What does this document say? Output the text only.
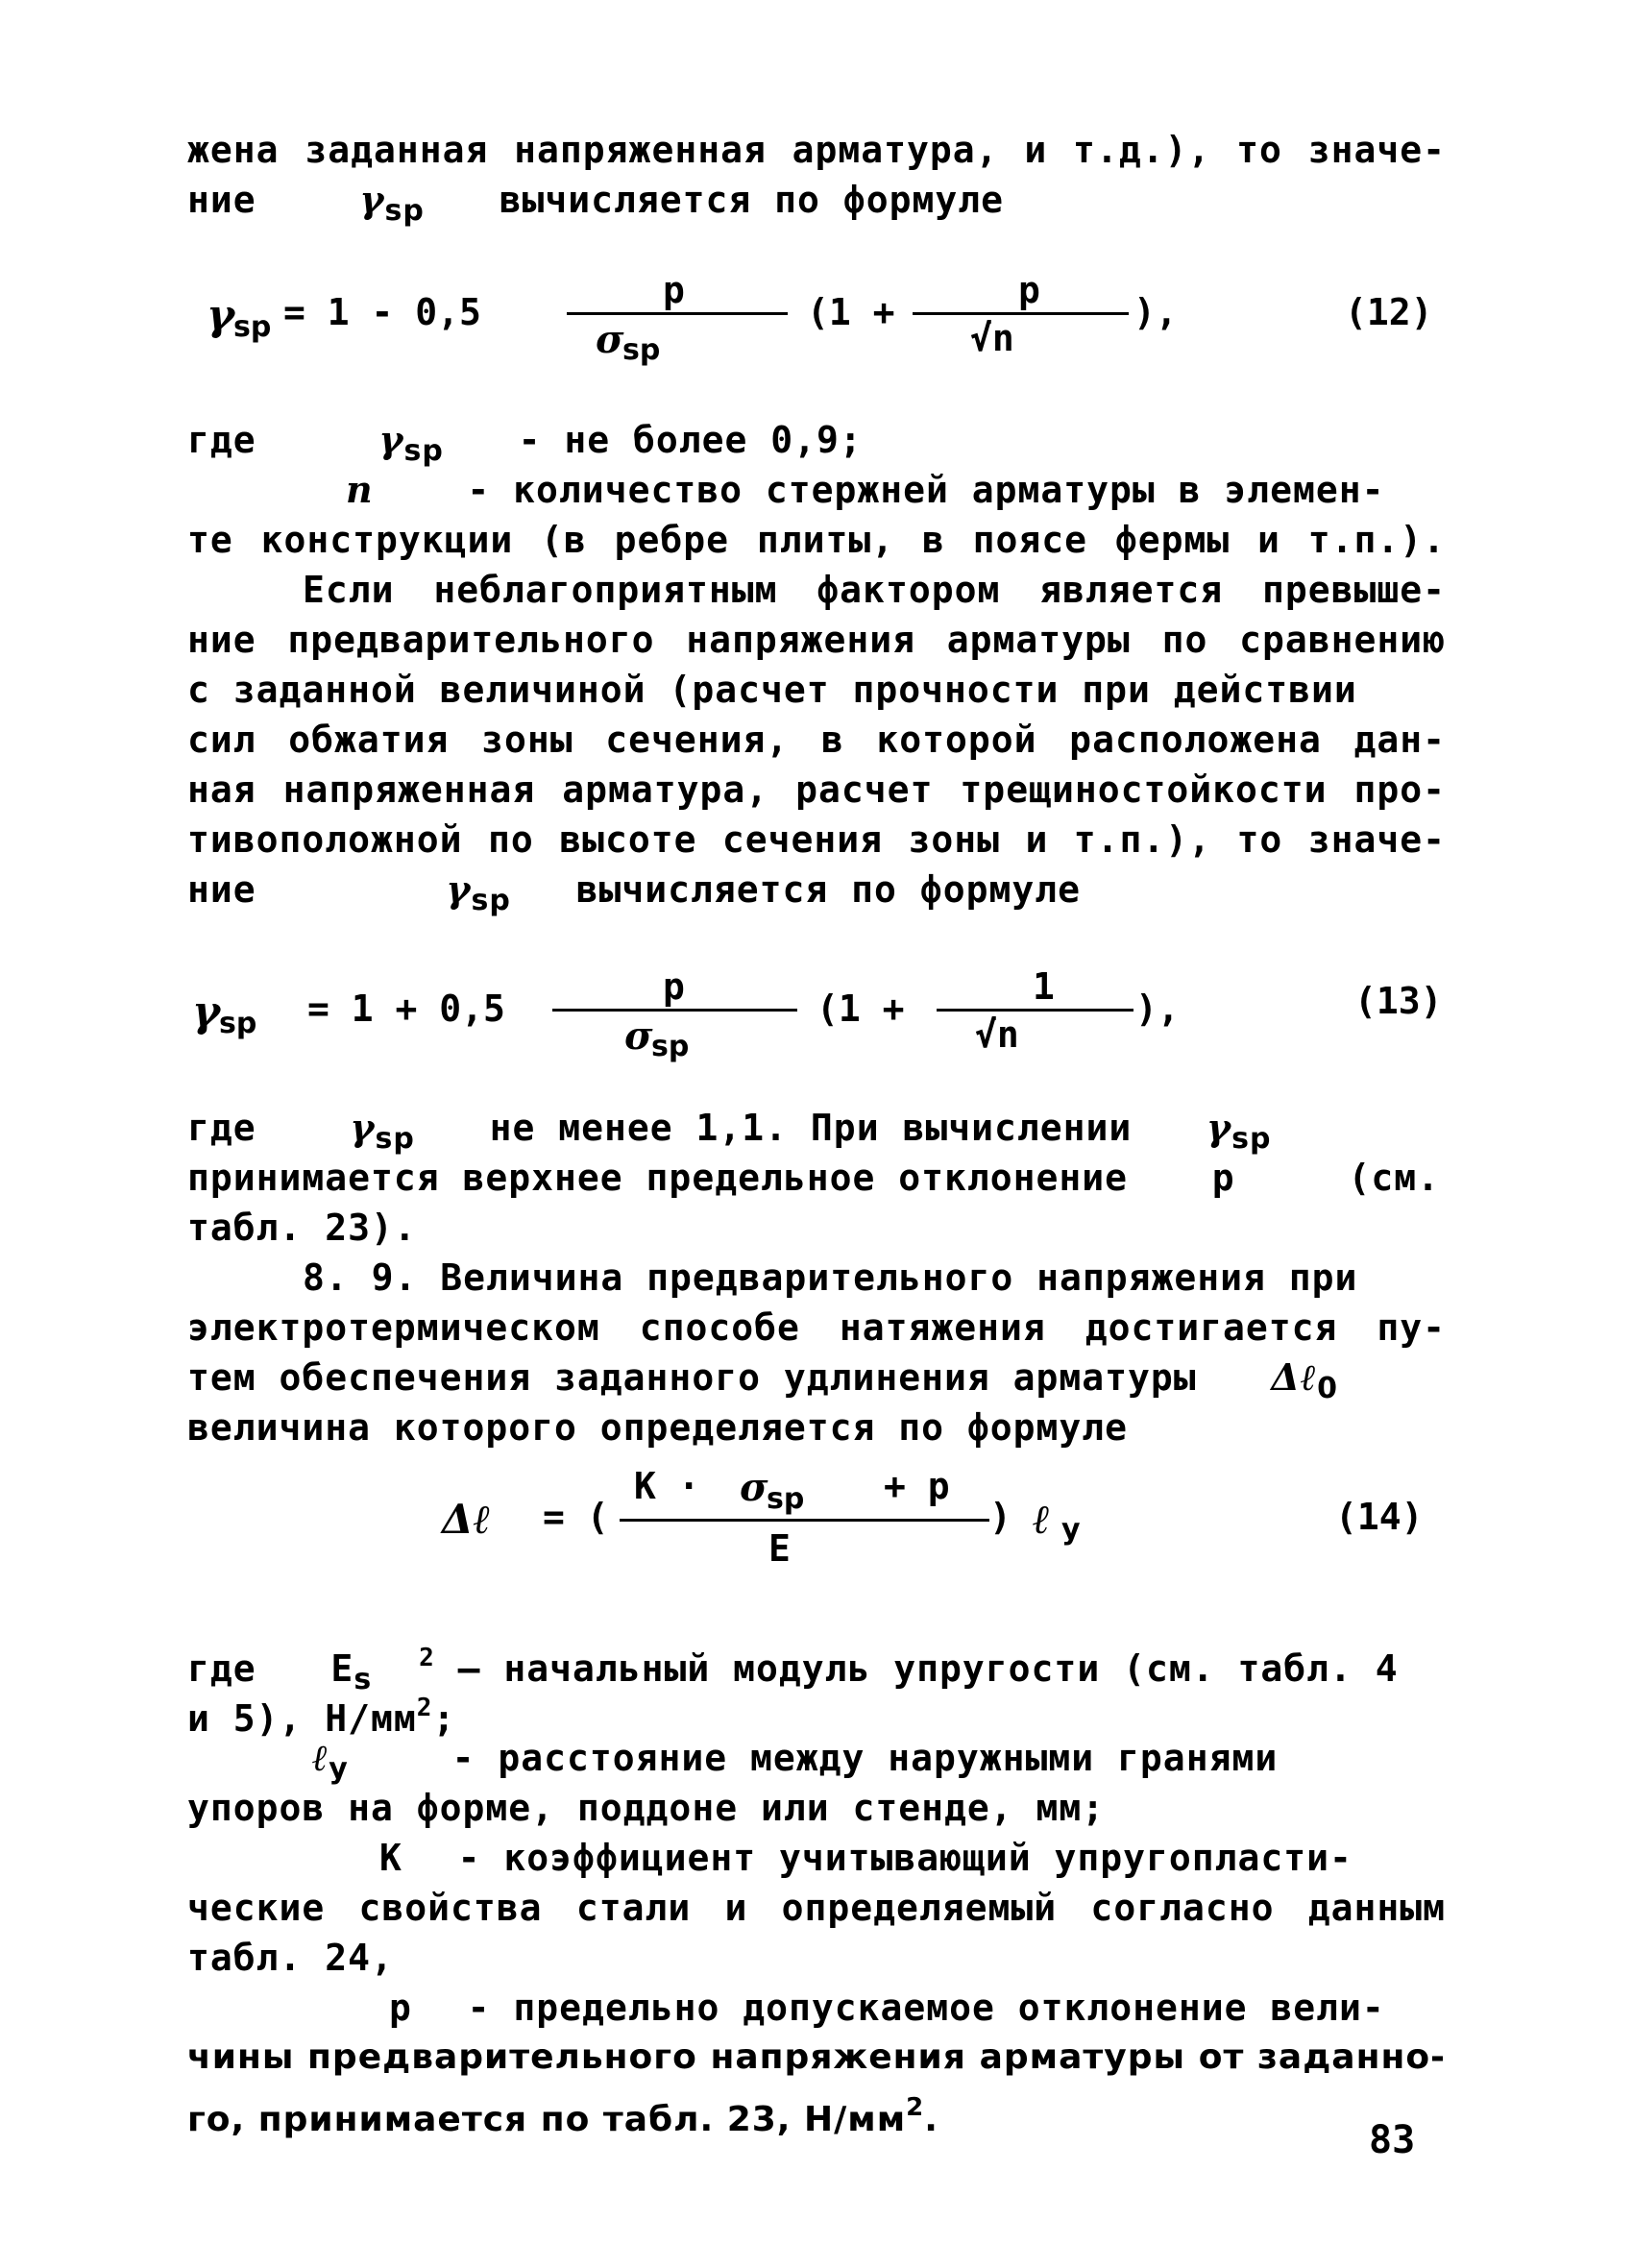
жена заданная напряженная арматура, и т.д.), то значе-
ние	$\gamma_{sp}$ вычисляется по формуле
γ
sp = 1 - 0,5
p
σ
sp
(1 +
p
√n
),	(12)
где	$\gamma_{sp}$ - не более 0,9;
n	- количество стержней арматуры в элемен-
те конструкции (в ребре плиты, в поясе фермы и т.п.).
Если неблагоприятным фактором является превыше-
ние предварительного напряжения арматуры по сравнению
с заданной величиной (расчет прочности при действии
сил обжатия зоны сечения, в которой расположена дан-
ная напряженная арматура, расчет трещиностойкости про-
тивоположной по высоте сечения зоны и т.п.), то значе-
ние	$\gamma_{sp}$ вычисляется по формуле
γ
sp = 1 + 0,5
p
σ
sp
(1 +
1
√n
),	(13)
где	$\gamma_{sp}$ не менее 1,1. При вычислении $\gamma_{sp}$
принимается верхнее предельное отклонение р	(см.
табл. 23).
8. 9. Величина предварительного напряжения при
электротермическом способе натяжения достигается пу-
тем обеспечения заданного удлинения арматуры Δℓ$_0$
величина которого определяется по формуле
K · σ
sp + p
Δℓ = (
E
) ℓ y	(14)
где $E_s$ $^2$ – начальный модуль упругости (см. табл. 4
и 5), $Н/мм^2$;
ℓ$_y$	- расстояние между наружными гранями
упоров на форме, поддоне или стенде, мм;
K - коэффициент учитывающий упругопласти-
ческие свойства стали и определяемый согласно данным
табл. 24,
р - предельно допускаемое отклонение вели-
чины предварительного напряжения арматуры от заданно-
го, принимается по табл. 23, $Н/мм^2$.	83
